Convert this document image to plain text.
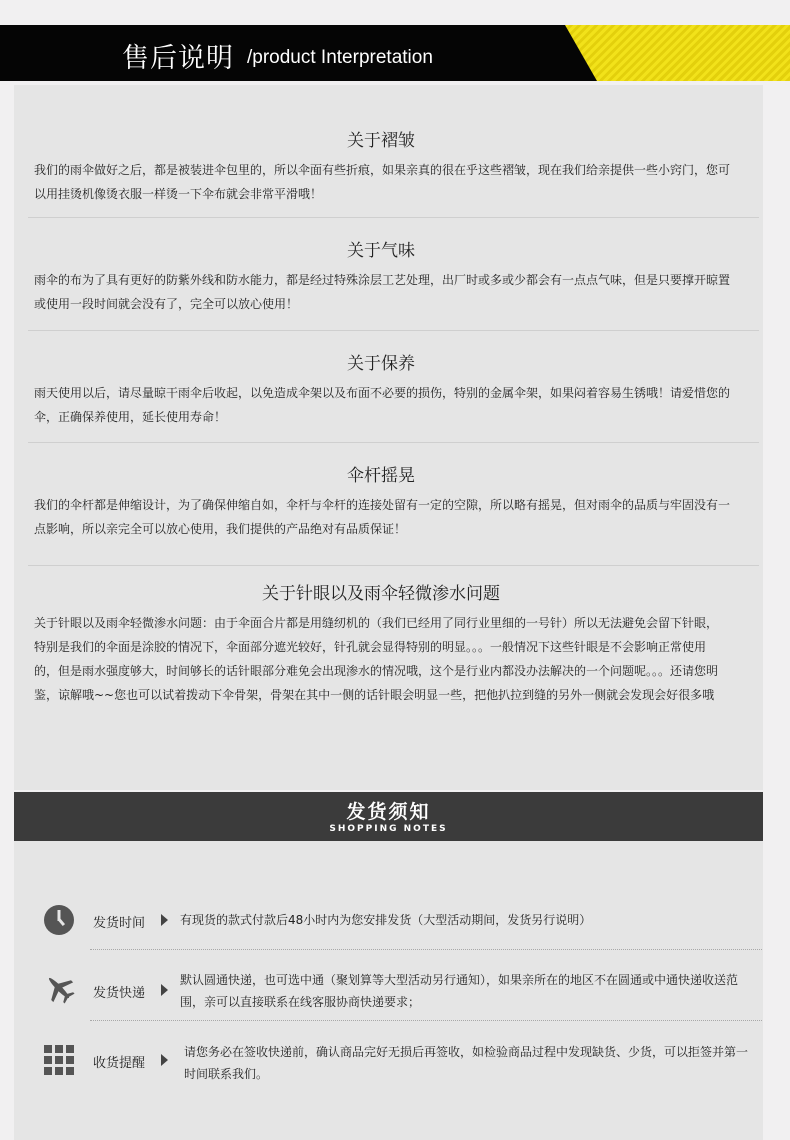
售后说明 /product Interpretation
关于褶皱
我们的雨伞做好之后，都是被装进伞包里的，所以伞面有些折痕，如果亲真的很在乎这些褶皱，现在我们给亲提供一些小窍门，您可以用挂烫机像烫衣服一样烫一下伞布就会非常平滑哦！
关于气味
雨伞的布为了具有更好的防紫外线和防水能力，都是经过特殊涂层工艺处理，出厂时或多或少都会有一点点气味，但是只要撑开晾置或使用一段时间就会没有了，完全可以放心使用！
关于保养
雨天使用以后，请尽量晾干雨伞后收起，以免造成伞架以及布面不必要的损伤，特别的金属伞架，如果闷着容易生锈哦！请爱惜您的伞，正确保养使用，延长使用寿命！
伞杆摇晃
我们的伞杆都是伸缩设计，为了确保伸缩自如，伞杆与伞杆的连接处留有一定的空隙，所以略有摇晃，但对雨伞的品质与牢固没有一点影响，所以亲完全可以放心使用，我们提供的产品绝对有品质保证！
关于针眼以及雨伞轻微渗水问题
关于针眼以及雨伞轻微渗水问题：由于伞面合片都是用缝纫机的（我们已经用了同行业里细的一号针）所以无法避免会留下针眼，特别是我们的伞面是涂胶的情况下，伞面部分遮光较好，针孔就会显得特别的明显。。。一般情况下这些针眼是不会影响正常使用的，但是雨水强度够大，时间够长的话针眼部分难免会出现渗水的情况哦，这个是行业内都没办法解决的一个问题呢。。。还请您明鉴，谅解哦~~您也可以试着拨动下伞骨架，骨架在其中一侧的话针眼会明显一些，把他扒拉到缝的另外一侧就会发现会好很多哦
发货须知
SHOPPING NOTES
发货时间	有现货的款式付款后48小时内为您安排发货（大型活动期间，发货另行说明）
发货快递
默认圆通快递，也可选中通（聚划算等大型活动另行通知），如果亲所在的地区不在圆通或中通快递收送范围，亲可以直接联系在线客服协商快递要求；
收货提醒
请您务必在签收快递前，确认商品完好无损后再签收，如检验商品过程中发现缺货、少货，可以拒签并第一时间联系我们。
